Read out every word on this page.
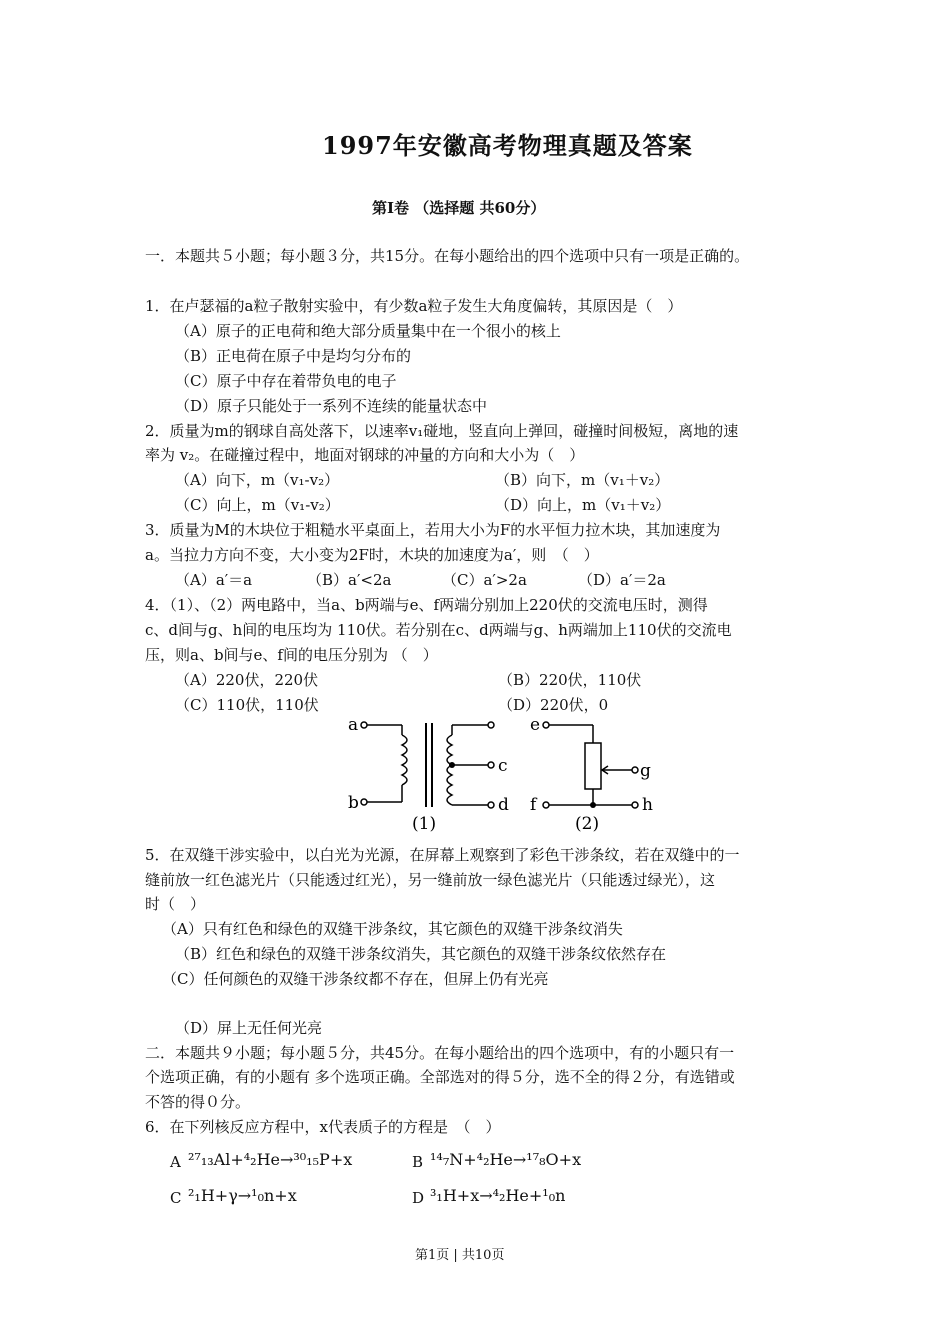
1997年安徽高考物理真题及答案
第Ⅰ卷 （选择题 共60分）
一．本题共５小题；每小题３分，共15分。在每小题给出的四个选项中只有一项是正确的。
1．在卢瑟福的a粒子散射实验中，有少数a粒子发生大角度偏转，其原因是（　）
（A）原子的正电荷和绝大部分质量集中在一个很小的核上
（B）正电荷在原子中是均匀分布的
（C）原子中存在着带负电的电子
（D）原子只能处于一系列不连续的能量状态中
2．质量为m的钢球自高处落下，以速率v₁碰地，竖直向上弹回，碰撞时间极短，离地的速
率为 v₂。在碰撞过程中，地面对钢球的冲量的方向和大小为（　）
（A）向下，m（v₁-v₂）	（B）向下，m（v₁＋v₂）
（C）向上，m（v₁-v₂）	（D）向上，m（v₁＋v₂）
3．质量为M的木块位于粗糙水平桌面上，若用大小为F的水平恒力拉木块，其加速度为
a。当拉力方向不变，大小变为2F时，木块的加速度为a′，则　（　）
（A）a′＝a	（B）a′<2a	（C）a′>2a	（D）a′＝2a
4．（1）、（2）两电路中，当a、b两端与e、f两端分别加上220伏的交流电压时，测得
c、d间与g、h间的电压均为 110伏。若分别在c、d两端与g、h两端加上110伏的交流电
压，则a、b间与e、f间的电压分别为 （　）
（A）220伏，220伏	（B）220伏，110伏
（C）110伏，110伏	（D）220伏，0
a
b
c
d
e
f
g
h
(1)	(2)
5．在双缝干涉实验中，以白光为光源，在屏幕上观察到了彩色干涉条纹，若在双缝中的一
缝前放一红色滤光片（只能透过红光），另一缝前放一绿色滤光片（只能透过绿光），这
时（　）
（A）只有红色和绿色的双缝干涉条纹，其它颜色的双缝干涉条纹消失
（B）红色和绿色的双缝干涉条纹消失，其它颜色的双缝干涉条纹依然存在
（C）任何颜色的双缝干涉条纹都不存在，但屏上仍有光亮
（D）屏上无任何光亮
二．本题共９小题；每小题５分，共45分。在每小题给出的四个选项中，有的小题只有一
个选项正确，有的小题有 多个选项正确。全部选对的得５分，选不全的得２分，有选错或
不答的得０分。
6．在下列核反应方程中，x代表质子的方程是　（　）
A ²⁷₁₃Al+⁴₂He→³⁰₁₅P+x	B ¹⁴₇N+⁴₂He→¹⁷₈O+x
C ²₁H+γ→¹₀n+x	D ³₁H+x→⁴₂He+¹₀n
第1页 | 共10页
